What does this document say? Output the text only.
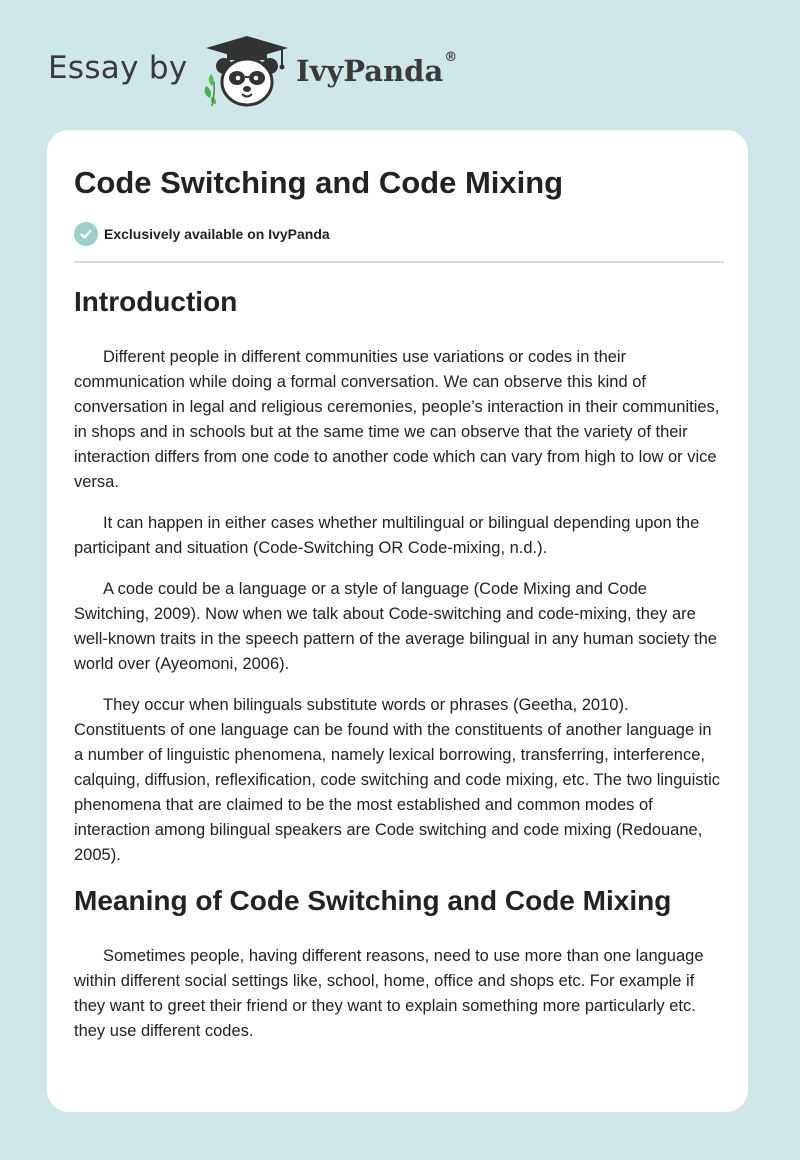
Essay by	IvyPanda®
Code Switching and Code Mixing
Exclusively available on IvyPanda
Introduction

Different people in different communities use variations or codes in their communication while doing a formal conversation. We can observe this kind of conversation in legal and religious ceremonies, people’s interaction in their communities, in shops and in schools but at the same time we can observe that the variety of their interaction differs from one code to another code which can vary from high to low or vice versa.

It can happen in either cases whether multilingual or bilingual depending upon the participant and situation (Code-Switching OR Code-mixing, n.d.).

A code could be a language or a style of language (Code Mixing and Code Switching, 2009). Now when we talk about Code-switching and code-mixing, they are well-known traits in the speech pattern of the average bilingual in any human society the world over (Ayeomoni, 2006).

They occur when bilinguals substitute words or phrases (Geetha, 2010). Constituents of one language can be found with the constituents of another language in a number of linguistic phenomena, namely lexical borrowing, transferring, interference, calquing, diffusion, reflexification, code switching and code mixing, etc. The two linguistic phenomena that are claimed to be the most established and common modes of interaction among bilingual speakers are Code switching and code mixing (Redouane, 2005).

Meaning of Code Switching and Code Mixing

Sometimes people, having different reasons, need to use more than one language within different social settings like, school, home, office and shops etc. For example if they want to greet their friend or they want to explain something more particularly etc. they use different codes.
